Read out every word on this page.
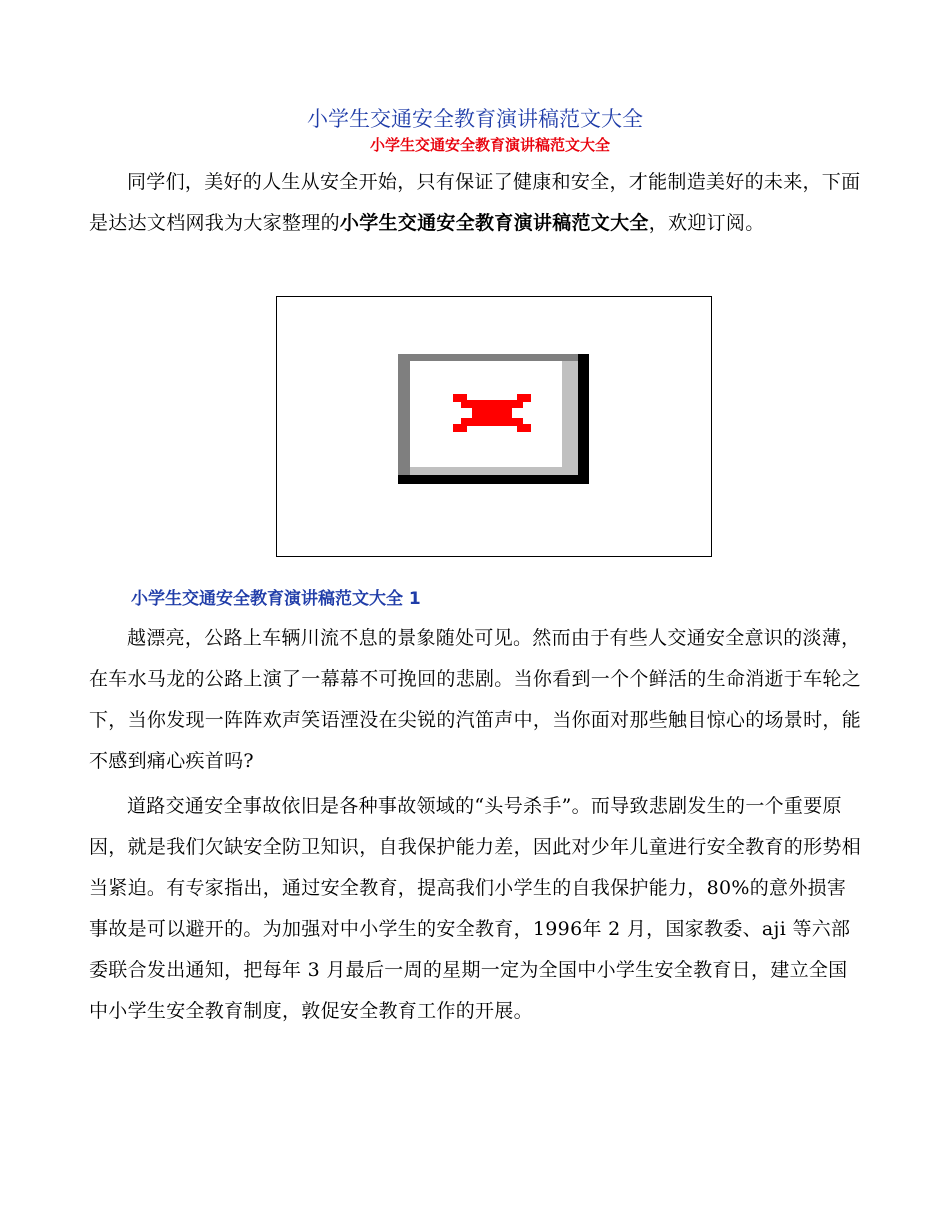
小学生交通安全教育演讲稿范文大全
小学生交通安全教育演讲稿范文大全

同学们，美好的人生从安全开始，只有保证了健康和安全，才能制造美好的未来，下面是达达文档网我为大家整理的小学生交通安全教育演讲稿范文大全，欢迎订阅。

小学生交通安全教育演讲稿范文大全 1

越漂亮，公路上车辆川流不息的景象随处可见。然而由于有些人交通安全意识的淡薄，在车水马龙的公路上演了一幕幕不可挽回的悲剧。当你看到一个个鲜活的生命消逝于车轮之下，当你发现一阵阵欢声笑语湮没在尖锐的汽笛声中，当你面对那些触目惊心的场景时，能不感到痛心疾首吗?

道路交通安全事故依旧是各种事故领域的“头号杀手”。而导致悲剧发生的一个重要原因，就是我们欠缺安全防卫知识，自我保护能力差，因此对少年儿童进行安全教育的形势相当紧迫。有专家指出，通过安全教育，提高我们小学生的自我保护能力，80%的意外损害事故是可以避开的。为加强对中小学生的安全教育，1996年 2 月，国家教委、aji 等六部委联合发出通知，把每年 3 月最后一周的星期一定为全国中小学生安全教育日，建立全国中小学生安全教育制度，敦促安全教育工作的开展。
